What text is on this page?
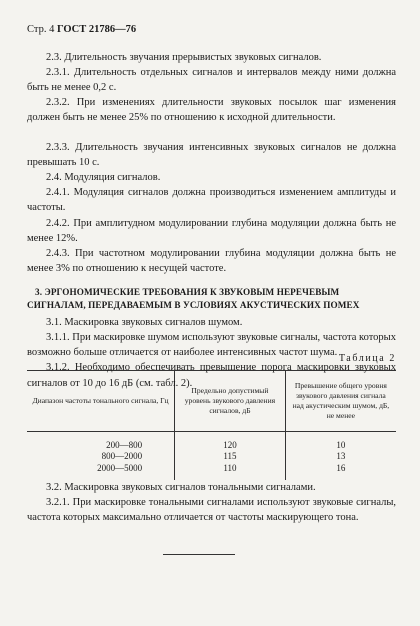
Стр. 4 ГОСТ 21786—76

2.3. Длительность звучания прерывистых звуковых сигналов.

2.3.1. Длительность отдельных сигналов и интервалов между ними должна быть не менее 0,2 с.

2.3.2. При изменениях длительности звуковых посылок шаг изменения должен быть не менее 25% по отношению к исходной длительности.

2.3.3. Длительность звучания интенсивных звуковых сигналов не должна превышать 10 с.

2.4. Модуляция сигналов.

2.4.1. Модуляция сигналов должна производиться изменением амплитуды и частоты.

2.4.2. При амплитудном модулировании глубина модуляции должна быть не менее 12%.

2.4.3. При частотном модулировании глубина модуляции должна быть не менее 3% по отношению к несущей частоте.

3. ЭРГОНОМИЧЕСКИЕ ТРЕБОВАНИЯ К ЗВУКОВЫМ НЕРЕЧЕВЫМ СИГНАЛАМ, ПЕРЕДАВАЕМЫМ В УСЛОВИЯХ АКУСТИЧЕСКИХ ПОМЕХ

3.1. Маскировка звуковых сигналов шумом.

3.1.1. При маскировке шумом используют звуковые сигналы, частота которых возможно больше отличается от наиболее интенсивных частот шума.

Таблица 2
Диапазон частоты тонального сигнала, Гц	Предельно допустимый уровень звукового давления сигналов, дБ	Превышение общего уровня звукового давления сигнала над акустическим шумом, дБ, не менее
200—800	120	10
800—2000	115	13
2000—5000	110	16

3.2. Маскировка звуковых сигналов тональными сигналами.

3.2.1. При маскировке тональными сигналами используют звуковые сигналы, частота которых максимально отличается от частоты маскирующего тона.

3.1.2. Необходимо обеспечивать превышение порога маскировки звуковых сигналов от 10 до 16 дБ (см. табл. 2).
